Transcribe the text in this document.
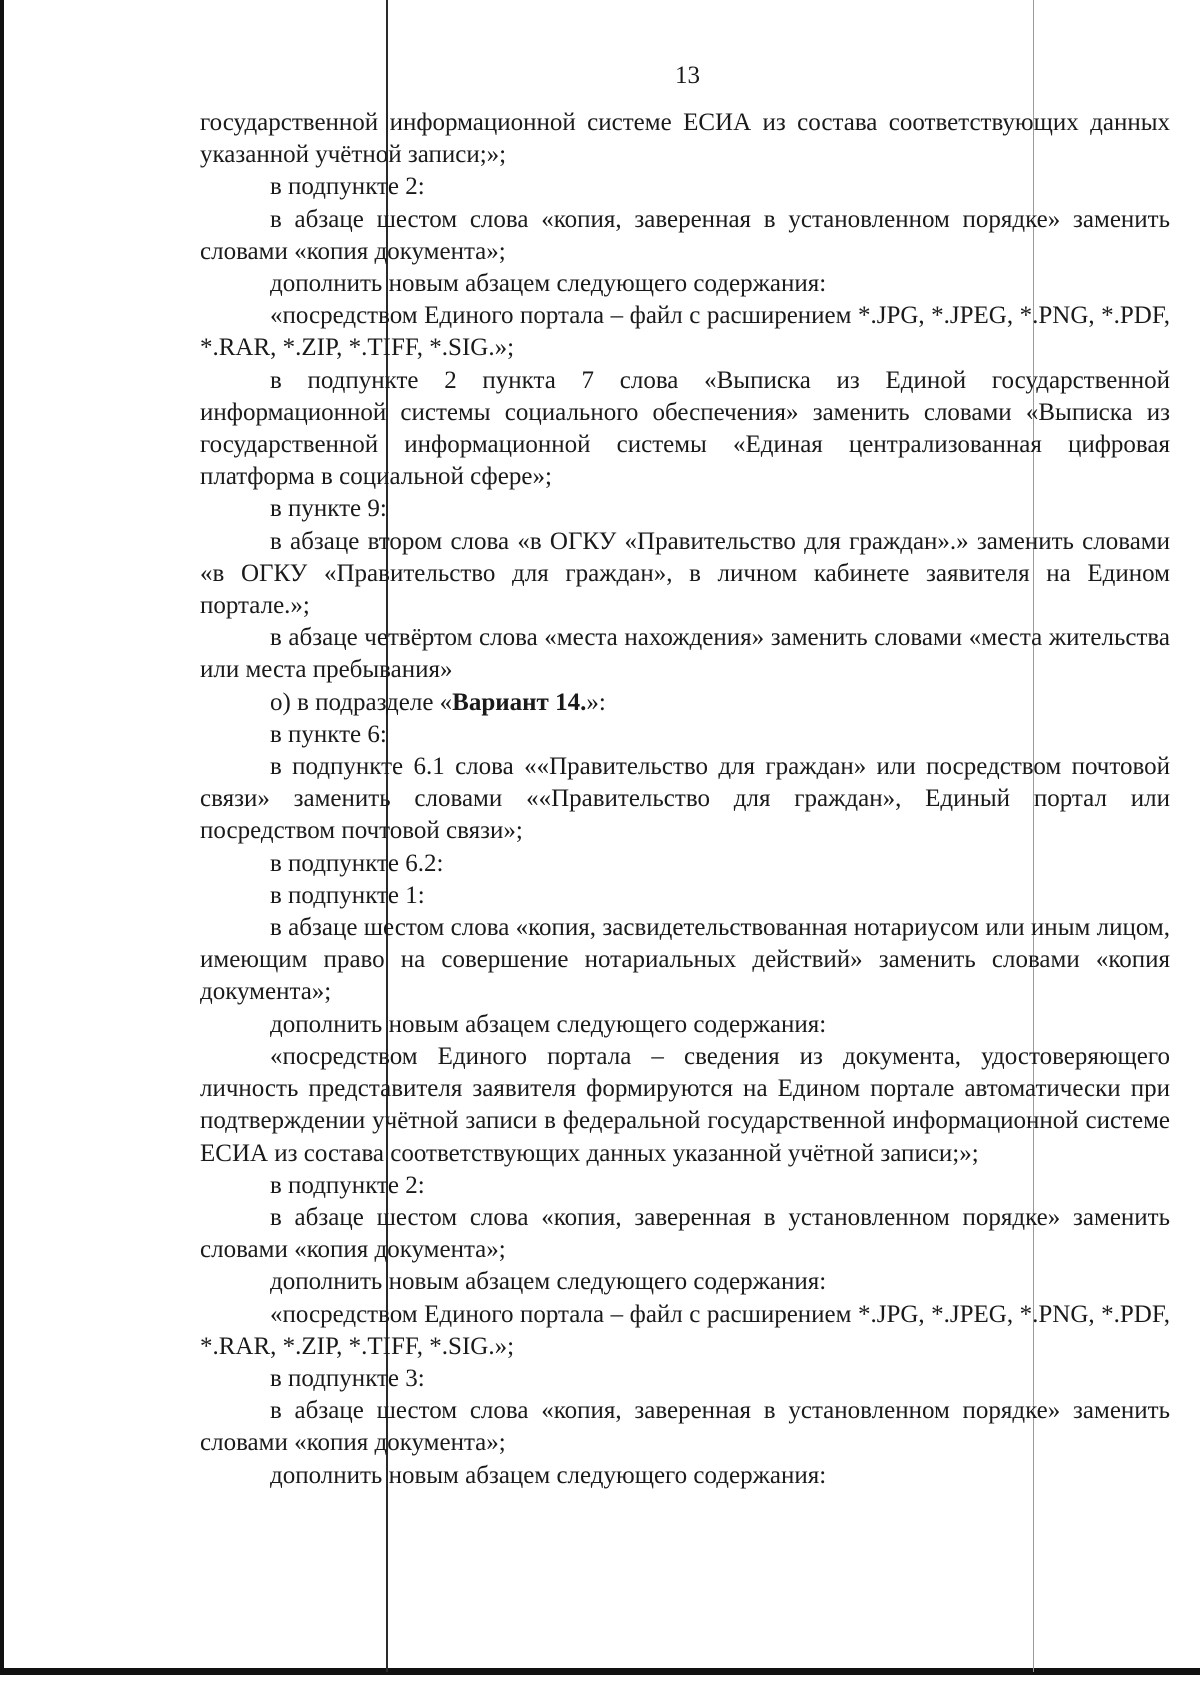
13

государственной информационной системе ЕСИА из состава соответствующих данных указанной учётной записи;»;

в подпункте 2:

в абзаце шестом слова «копия, заверенная в установленном порядке» заменить словами «копия документа»;

дополнить новым абзацем следующего содержания:

«посредством Единого портала – файл с расширением *.JPG, *.JPEG, *.PNG, *.PDF, *.RAR, *.ZIP, *.TIFF, *.SIG.»;

в подпункте 2 пункта 7 слова «Выписка из Единой государственной информационной системы социального обеспечения» заменить словами «Выписка из государственной информационной системы «Единая централизованная цифровая платформа в социальной сфере»;

в пункте 9:

в абзаце втором слова «в ОГКУ «Правительство для граждан».» заменить словами «в ОГКУ «Правительство для граждан», в личном кабинете заявителя на Едином портале.»;

в абзаце четвёртом слова «места нахождения» заменить словами «места жительства или места пребывания»

о) в подразделе «Вариант 14.»:

в пункте 6:

в подпункте 6.1 слова ««Правительство для граждан» или посредством почтовой связи» заменить словами ««Правительство для граждан», Единый портал или посредством почтовой связи»;

в подпункте 6.2:

в подпункте 1:

в абзаце шестом слова «копия, засвидетельствованная нотариусом или иным лицом, имеющим право на совершение нотариальных действий» заменить словами «копия документа»;

дополнить новым абзацем следующего содержания:

«посредством Единого портала – сведения из документа, удостоверяющего личность представителя заявителя формируются на Едином портале автоматически при подтверждении учётной записи в федеральной государственной информационной системе ЕСИА из состава соответствующих данных указанной учётной записи;»;

в подпункте 2:

в абзаце шестом слова «копия, заверенная в установленном порядке» заменить словами «копия документа»;

дополнить новым абзацем следующего содержания:

«посредством Единого портала – файл с расширением *.JPG, *.JPEG, *.PNG, *.PDF, *.RAR, *.ZIP, *.TIFF, *.SIG.»;

в подпункте 3:

в абзаце шестом слова «копия, заверенная в установленном порядке» заменить словами «копия документа»;

дополнить новым абзацем следующего содержания:
